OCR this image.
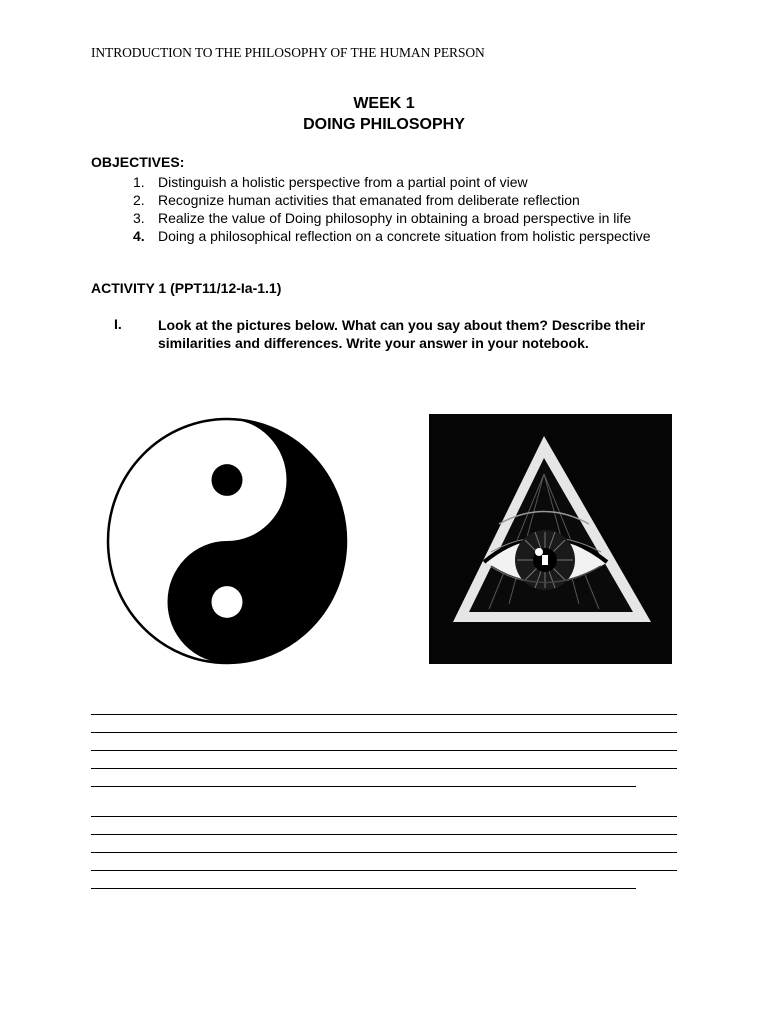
INTRODUCTION TO THE PHILOSOPHY OF THE HUMAN PERSON
WEEK 1
DOING PHILOSOPHY
OBJECTIVES:
1. Distinguish a holistic perspective from a partial point of view
2. Recognize human activities that emanated from deliberate reflection
3. Realize the value of Doing philosophy in obtaining a broad perspective in life
4. Doing a philosophical reflection on a concrete situation from holistic perspective
ACTIVITY 1 (PPT11/12-Ia-1.1)
I.	Look at the pictures below. What can you say about them? Describe their similarities and differences. Write your answer in your notebook.
